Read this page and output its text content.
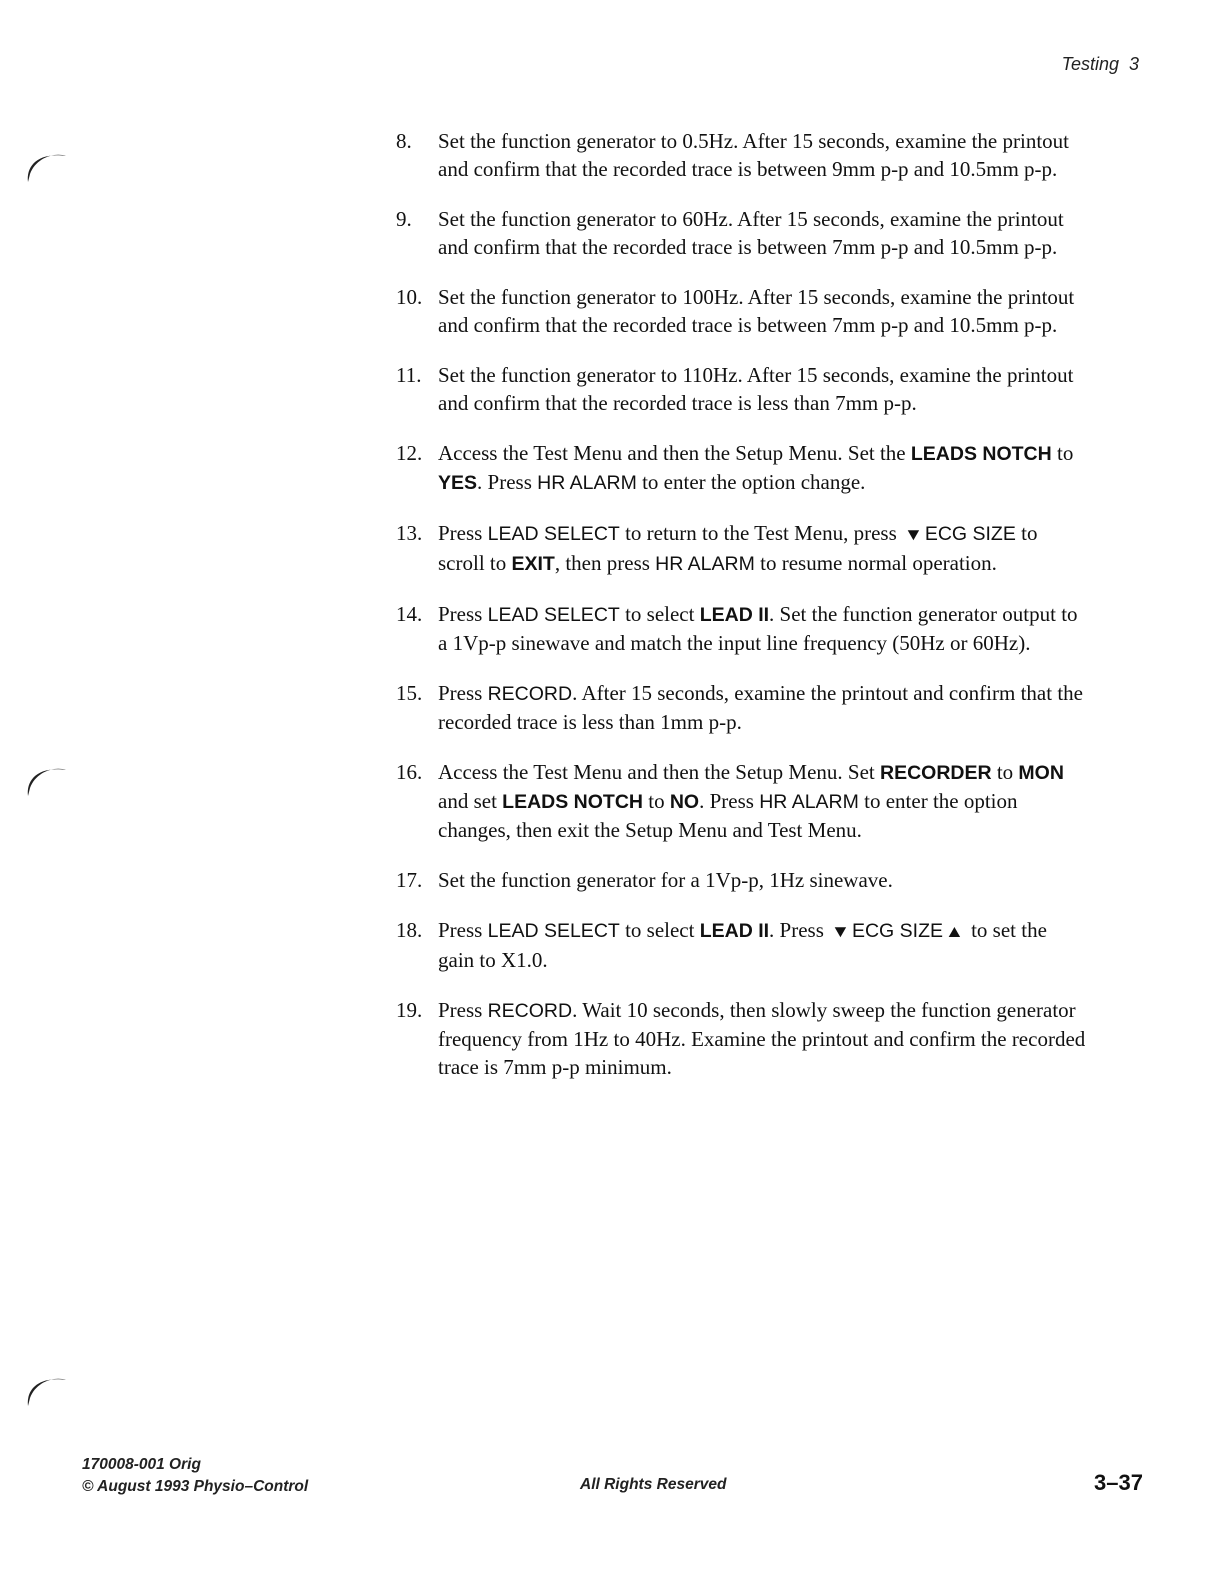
Testing 3
8. Set the function generator to 0.5Hz. After 15 seconds, examine the printout and confirm that the recorded trace is between 9mm p-p and 10.5mm p-p.
9. Set the function generator to 60Hz. After 15 seconds, examine the printout and confirm that the recorded trace is between 7mm p-p and 10.5mm p-p.
10. Set the function generator to 100Hz. After 15 seconds, examine the printout and confirm that the recorded trace is between 7mm p-p and 10.5mm p-p.
11. Set the function generator to 110Hz. After 15 seconds, examine the printout and confirm that the recorded trace is less than 7mm p-p.
12. Access the Test Menu and then the Setup Menu. Set the LEADS NOTCH to YES. Press HR ALARM to enter the option change.
13. Press LEAD SELECT to return to the Test Menu, press ▼ECG SIZE to scroll to EXIT, then press HR ALARM to resume normal operation.
14. Press LEAD SELECT to select LEAD II. Set the function generator output to a 1Vp-p sinewave and match the input line frequency (50Hz or 60Hz).
15. Press RECORD. After 15 seconds, examine the printout and confirm that the recorded trace is less than 1mm p-p.
16. Access the Test Menu and then the Setup Menu. Set RECORDER to MON and set LEADS NOTCH to NO. Press HR ALARM to enter the option changes, then exit the Setup Menu and Test Menu.
17. Set the function generator for a 1Vp-p, 1Hz sinewave.
18. Press LEAD SELECT to select LEAD II. Press ▼ECG SIZE ▲ to set the gain to X1.0.
19. Press RECORD. Wait 10 seconds, then slowly sweep the function generator frequency from 1Hz to 40Hz. Examine the printout and confirm the recorded trace is 7mm p-p minimum.
170008-001 Orig
© August 1993 Physio–Control	All Rights Reserved	3–37
